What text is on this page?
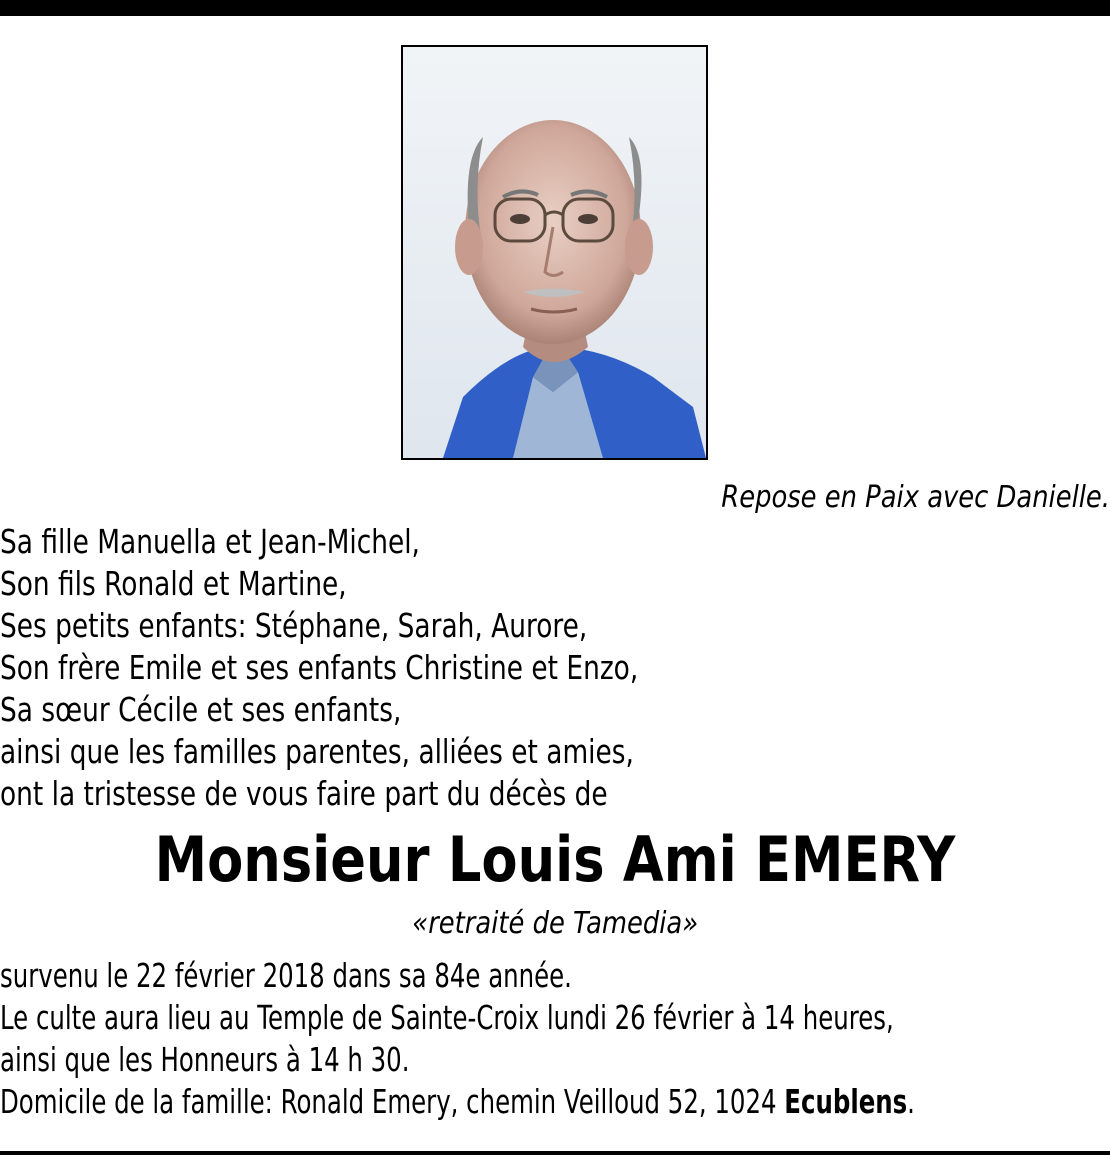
Repose en Paix avec Danielle.
Sa fille Manuella et Jean-Michel,
Son fils Ronald et Martine,
Ses petits enfants: Stéphane, Sarah, Aurore,
Son frère Emile et ses enfants Christine et Enzo,
Sa sœur Cécile et ses enfants,
ainsi que les familles parentes, alliées et amies,
ont la tristesse de vous faire part du décès de
Monsieur Louis Ami EMERY
«retraité de Tamedia»
survenu le 22 février 2018 dans sa 84e année.
Le culte aura lieu au Temple de Sainte-Croix lundi 26 février à 14 heures,
ainsi que les Honneurs à 14 h 30.
Domicile de la famille: Ronald Emery, chemin Veilloud 52, 1024 Ecublens.
